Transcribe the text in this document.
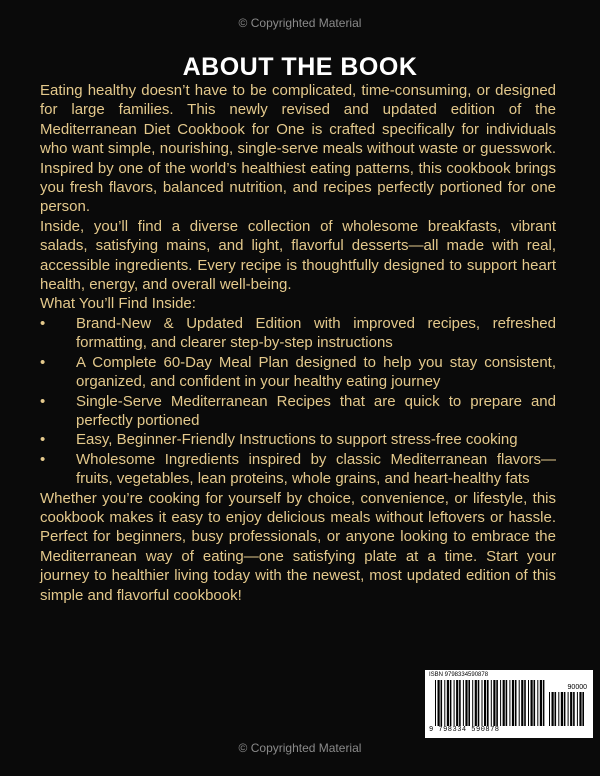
© Copyrighted Material
ABOUT THE BOOK

Eating healthy doesn’t have to be complicated, time-consuming, or designed for large families. This newly revised and updated edition of the Mediterranean Diet Cookbook for One is crafted specifically for individuals who want simple, nourishing, single-serve meals without waste or guesswork. Inspired by one of the world’s healthiest eating patterns, this cookbook brings you fresh flavors, balanced nutrition, and recipes perfectly portioned for one person.

Inside, you’ll find a diverse collection of wholesome breakfasts, vibrant salads, satisfying mains, and light, flavorful desserts—all made with real, accessible ingredients. Every recipe is thoughtfully designed to support heart health, energy, and overall well-being.

What You’ll Find Inside:

•	Brand-New & Updated Edition with improved recipes, refreshed formatting, and clearer step-by-step instructions
•	A Complete 60-Day Meal Plan designed to help you stay consistent, organized, and confident in your healthy eating journey
•	Single-Serve Mediterranean Recipes that are quick to prepare and perfectly portioned
•	Easy, Beginner-Friendly Instructions to support stress-free cooking
•	Wholesome Ingredients inspired by classic Mediterranean flavors—fruits, vegetables, lean proteins, whole grains, and heart-healthy fats

Whether you’re cooking for yourself by choice, convenience, or lifestyle, this cookbook makes it easy to enjoy delicious meals without leftovers or hassle. Perfect for beginners, busy professionals, or anyone looking to embrace the Mediterranean way of eating—one satisfying plate at a time. Start your journey to healthier living today with the newest, most updated edition of this simple and flavorful cookbook!

ISBN 9798334590878
90000
9 798334 590878
© Copyrighted Material
